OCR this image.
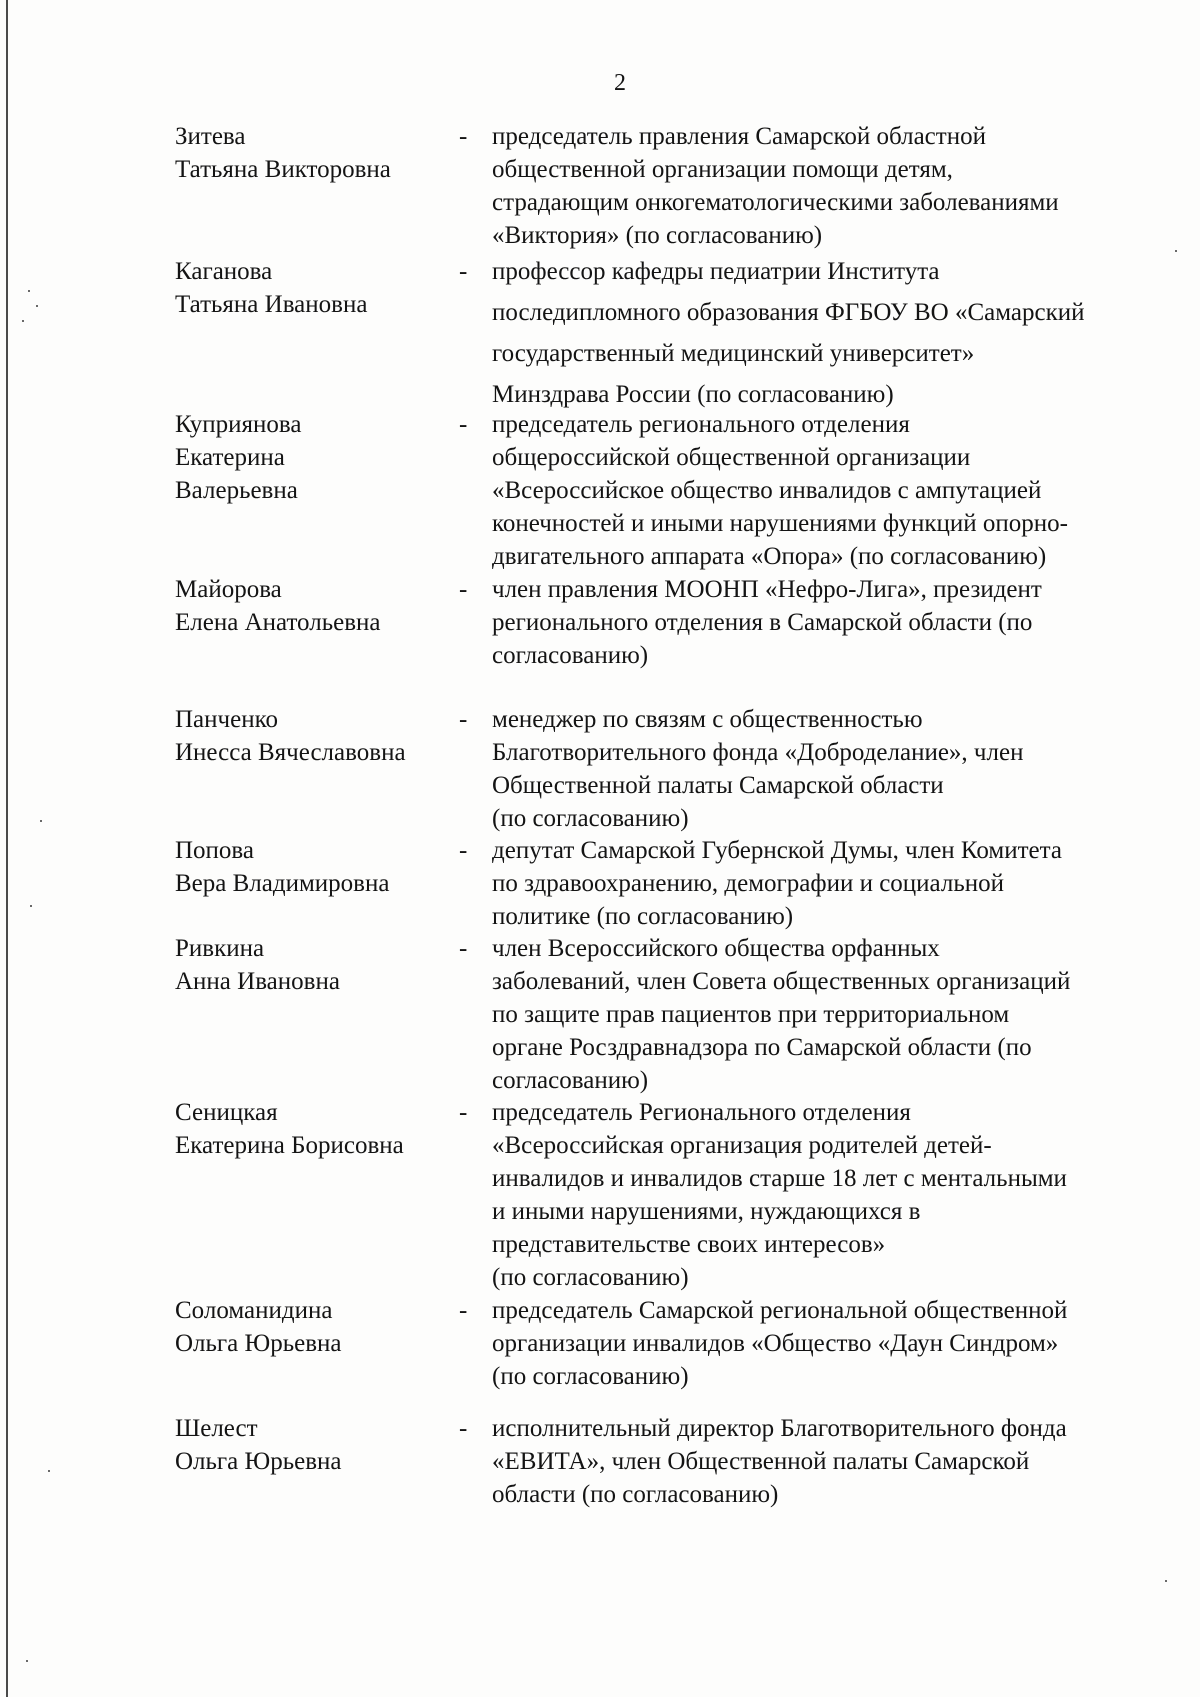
2
Зитева
Татьяна Викторовна
- председатель правления Самарской областной
общественной организации помощи детям,
страдающим онкогематологическими заболеваниями
«Виктория» (по согласованию)
Каганова
Татьяна Ивановна
- профессор кафедры педиатрии Института
последипломного образования ФГБОУ ВО «Самарский
государственный медицинский университет»
Минздрава России (по согласованию)
Куприянова
Екатерина
Валерьевна
- председатель регионального отделения
общероссийской общественной организации
«Всероссийское общество инвалидов с ампутацией
конечностей и иными нарушениями функций опорно-
двигательного аппарата «Опора» (по согласованию)
Майорова
Елена Анатольевна
- член правления МООНП «Нефро-Лига», президент
регионального отделения в Самарской области (по
согласованию)
Панченко
Инесса Вячеславовна
- менеджер по связям с общественностью
Благотворительного фонда «Доброделание», член
Общественной палаты Самарской области
(по согласованию)
Попова
Вера Владимировна
- депутат Самарской Губернской Думы, член Комитета
по здравоохранению, демографии и социальной
политике (по согласованию)
Ривкина
Анна Ивановна
- член Всероссийского общества орфанных
заболеваний, член Совета общественных организаций
по защите прав пациентов при территориальном
органе Росздравнадзора по Самарской области (по
согласованию)
Сеницкая
Екатерина Борисовна
- председатель Регионального отделения
«Всероссийская организация родителей детей-
инвалидов и инвалидов старше 18 лет с ментальными
и иными нарушениями, нуждающихся в
представительстве своих интересов»
(по согласованию)
Соломанидина
Ольга Юрьевна
- председатель Самарской региональной общественной
организации инвалидов «Общество «Даун Синдром»
(по согласованию)
Шелест
Ольга Юрьевна
- исполнительный директор Благотворительного фонда
«ЕВИТА», член Общественной палаты Самарской
области (по согласованию)
